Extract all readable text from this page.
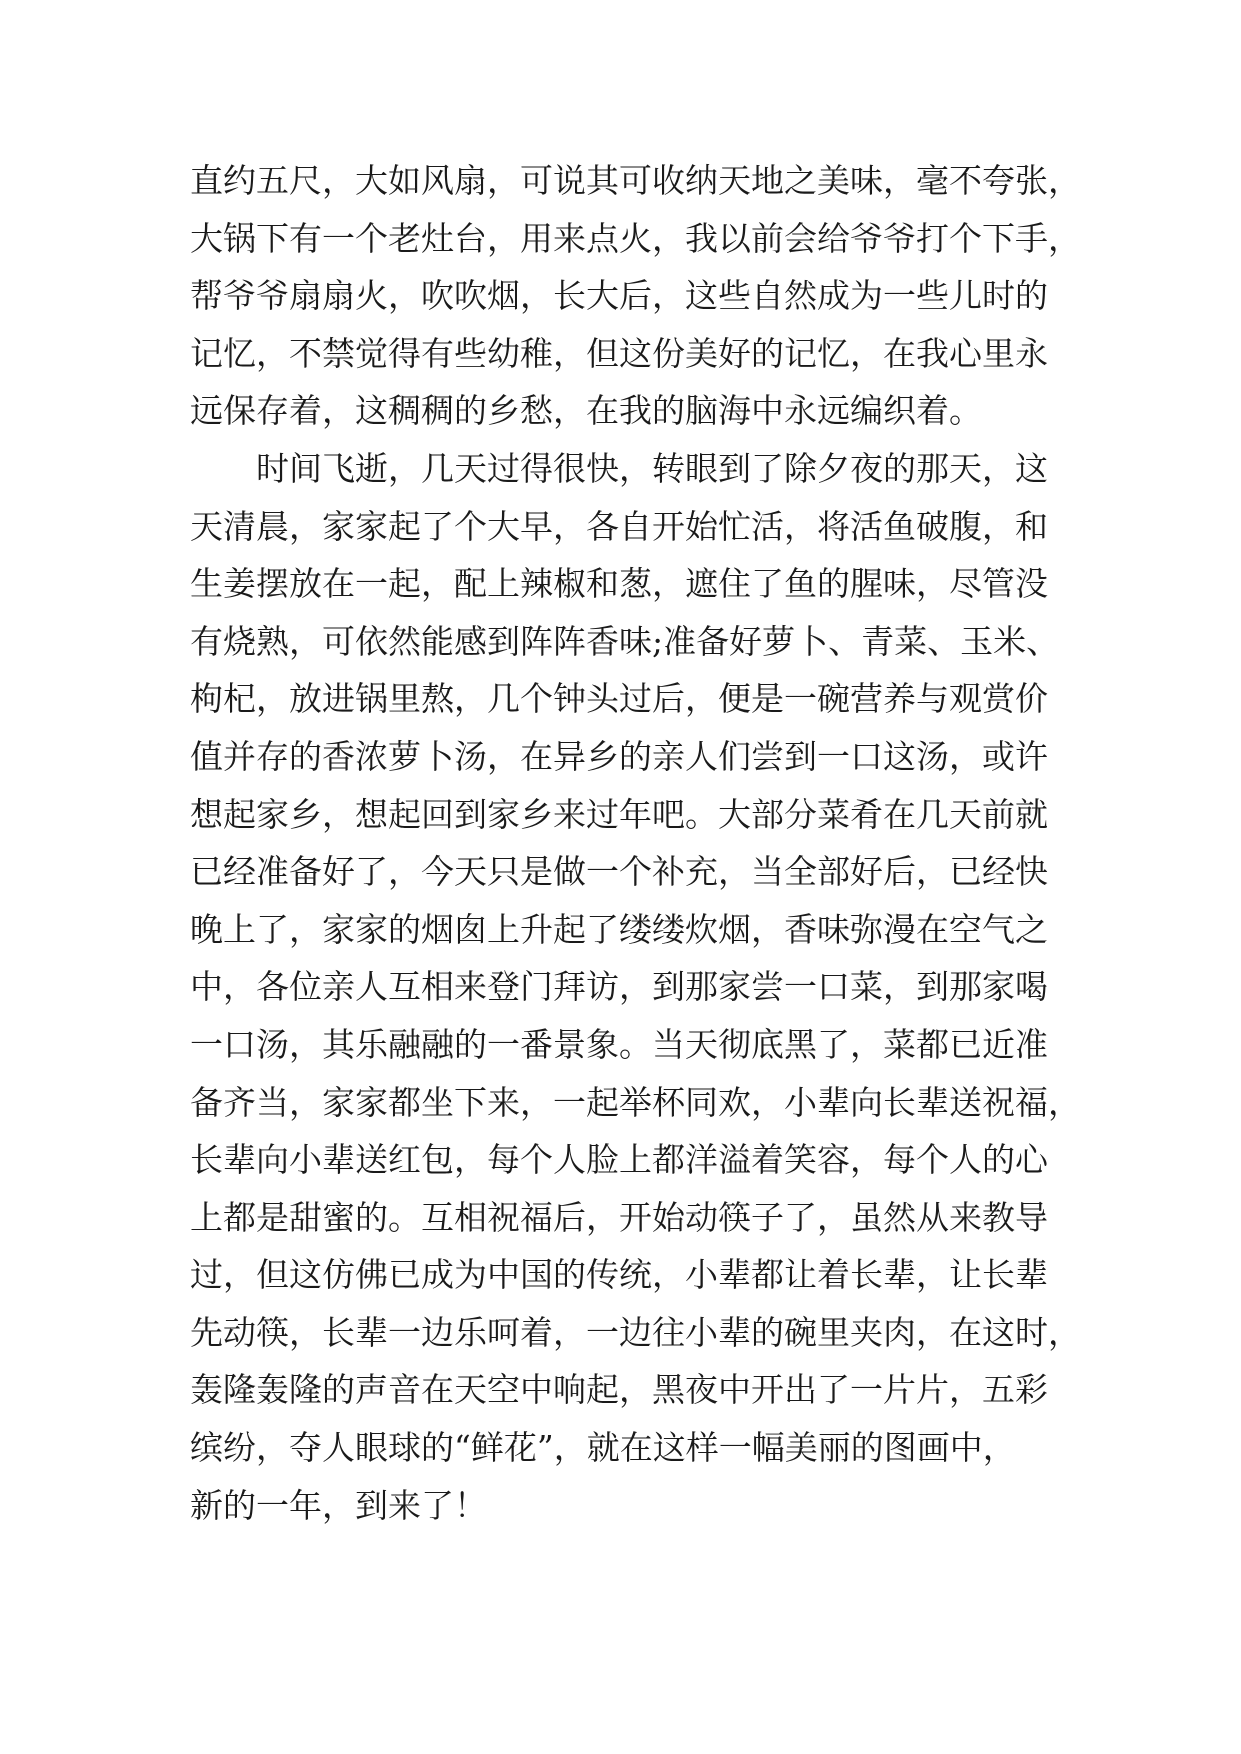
直约五尺，大如风扇，可说其可收纳天地之美味，毫不夸张，
大锅下有一个老灶台，用来点火，我以前会给爷爷打个下手，
帮爷爷扇扇火，吹吹烟，长大后，这些自然成为一些儿时的
记忆，不禁觉得有些幼稚，但这份美好的记忆，在我心里永
远保存着，这稠稠的乡愁，在我的脑海中永远编织着。
时间飞逝，几天过得很快，转眼到了除夕夜的那天，这
天清晨，家家起了个大早，各自开始忙活，将活鱼破腹，和
生姜摆放在一起，配上辣椒和葱，遮住了鱼的腥味，尽管没
有烧熟，可依然能感到阵阵香味;准备好萝卜、青菜、玉米、
枸杞，放进锅里熬，几个钟头过后，便是一碗营养与观赏价
值并存的香浓萝卜汤，在异乡的亲人们尝到一口这汤，或许
想起家乡，想起回到家乡来过年吧。大部分菜肴在几天前就
已经准备好了，今天只是做一个补充，当全部好后，已经快
晚上了，家家的烟囱上升起了缕缕炊烟，香味弥漫在空气之
中，各位亲人互相来登门拜访，到那家尝一口菜，到那家喝
一口汤，其乐融融的一番景象。当天彻底黑了，菜都已近准
备齐当，家家都坐下来，一起举杯同欢，小辈向长辈送祝福，
长辈向小辈送红包，每个人脸上都洋溢着笑容，每个人的心
上都是甜蜜的。互相祝福后，开始动筷子了，虽然从来教导
过，但这仿佛已成为中国的传统，小辈都让着长辈，让长辈
先动筷，长辈一边乐呵着，一边往小辈的碗里夹肉，在这时，
轰隆轰隆的声音在天空中响起，黑夜中开出了一片片，五彩
缤纷，夺人眼球的“鲜花”，就在这样一幅美丽的图画中，
新的一年，到来了！
